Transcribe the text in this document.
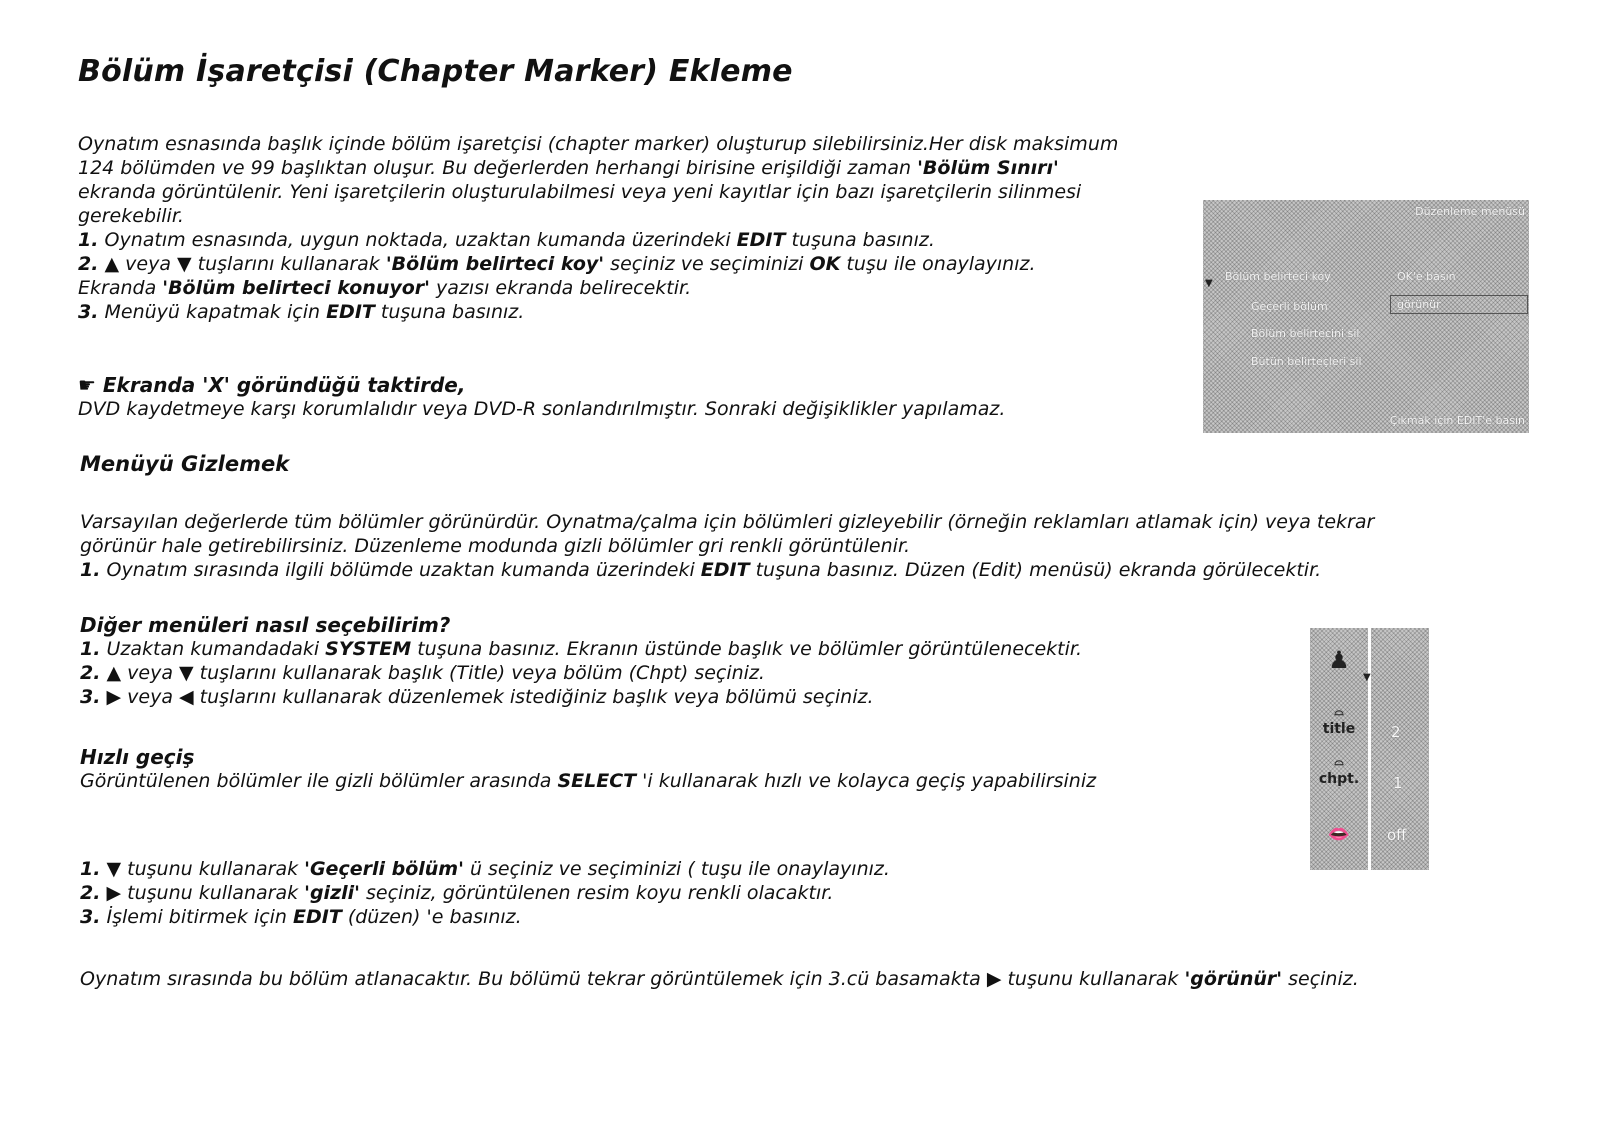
Bölüm İşaretçisi (Chapter Marker) Ekleme

Oynatım esnasında başlık içinde bölüm işaretçisi (chapter marker) oluşturup silebilirsiniz.Her disk maksimum

124 bölümden ve 99 başlıktan oluşur. Bu değerlerden herhangi birisine erişildiği zaman 'Bölüm Sınırı'

ekranda görüntülenir. Yeni işaretçilerin oluşturulabilmesi veya yeni kayıtlar için bazı işaretçilerin silinmesi

gerekebilir.

1. Oynatım esnasında, uygun noktada, uzaktan kumanda üzerindeki EDIT tuşuna basınız.

2. ▲ veya ▼ tuşlarını kullanarak 'Bölüm belirteci koy' seçiniz ve seçiminizi OK tuşu ile onaylayınız.

Ekranda 'Bölüm belirteci konuyor' yazısı ekranda belirecektir.

3. Menüyü kapatmak için EDIT tuşuna basınız.

☛ Ekranda 'X' göründüğü taktirde,

DVD kaydetmeye karşı korumlalıdır veya DVD-R sonlandırılmıştır. Sonraki değişiklikler yapılamaz.

Düzenleme menüsü
▼
Bölüm belirteci koy	OK'e basın
Geçerli bölüm	görünür
Bölüm belirtecini sil
Bütün belirteçleri sil
Çıkmak için EDIT'e basın

Menüyü Gizlemek

Varsayılan değerlerde tüm bölümler görünürdür. Oynatma/çalma için bölümleri gizleyebilir (örneğin reklamları atlamak için) veya tekrar

görünür hale getirebilirsiniz. Düzenleme modunda gizli bölümler gri renkli görüntülenir.

1. Oynatım sırasında ilgili bölümde uzaktan kumanda üzerindeki EDIT tuşuna basınız. Düzen (Edit) menüsü) ekranda görülecektir.

Diğer menüleri nasıl seçebilirim?

1. Uzaktan kumandadaki SYSTEM tuşuna basınız. Ekranın üstünde başlık ve bölümler görüntülenecektir.

2. ▲ veya ▼ tuşlarını kullanarak başlık (Title) veya bölüm (Chpt) seçiniz.

3. ▶ veya ◀ tuşlarını kullanarak düzenlemek istediğiniz başlık veya bölümü seçiniz.

Hızlı geçiş

Görüntülenen bölümler ile gizli bölümler arasında SELECT 'i kullanarak hızlı ve kolayca geçiş yapabilirsiniz

♟
⌓
title
⌓
chpt.
👄
▼
2
1
off

1. ▼ tuşunu kullanarak 'Geçerli bölüm' ü seçiniz ve seçiminizi ( tuşu ile onaylayınız.

2. ▶ tuşunu kullanarak 'gizli' seçiniz, görüntülenen resim koyu renkli olacaktır.

3. İşlemi bitirmek için EDIT (düzen) 'e basınız.

Oynatım sırasında bu bölüm atlanacaktır. Bu bölümü tekrar görüntülemek için 3.cü basamakta ▶ tuşunu kullanarak 'görünür' seçiniz.
